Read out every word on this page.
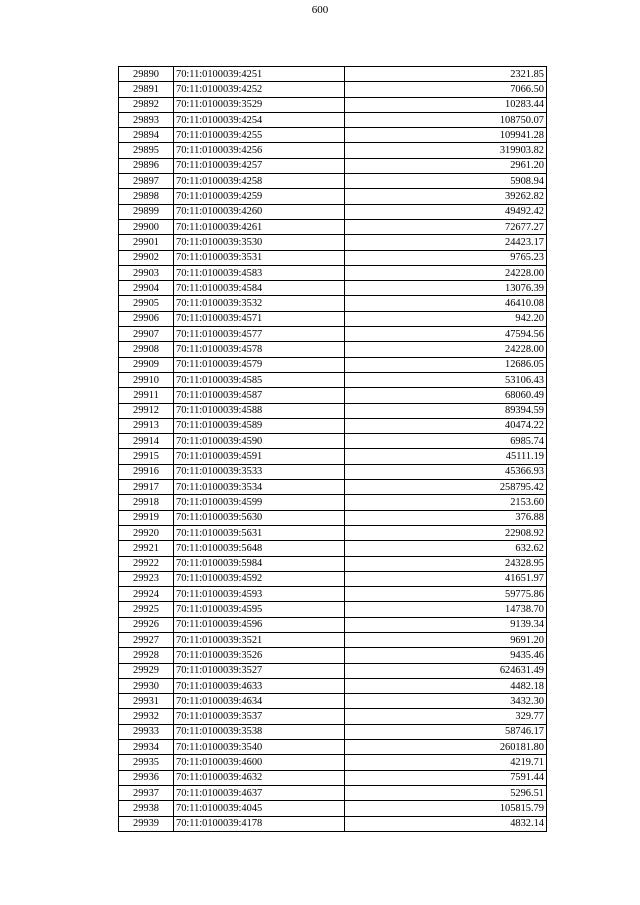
600
29890	70:11:0100039:4251	2321.85
29891	70:11:0100039:4252	7066.50
29892	70:11:0100039:3529	10283.44
29893	70:11:0100039:4254	108750.07
29894	70:11:0100039:4255	109941.28
29895	70:11:0100039:4256	319903.82
29896	70:11:0100039:4257	2961.20
29897	70:11:0100039:4258	5908.94
29898	70:11:0100039:4259	39262.82
29899	70:11:0100039:4260	49492.42
29900	70:11:0100039:4261	72677.27
29901	70:11:0100039:3530	24423.17
29902	70:11:0100039:3531	9765.23
29903	70:11:0100039:4583	24228.00
29904	70:11:0100039:4584	13076.39
29905	70:11:0100039:3532	46410.08
29906	70:11:0100039:4571	942.20
29907	70:11:0100039:4577	47594.56
29908	70:11:0100039:4578	24228.00
29909	70:11:0100039:4579	12686.05
29910	70:11:0100039:4585	53106.43
29911	70:11:0100039:4587	68060.49
29912	70:11:0100039:4588	89394.59
29913	70:11:0100039:4589	40474.22
29914	70:11:0100039:4590	6985.74
29915	70:11:0100039:4591	45111.19
29916	70:11:0100039:3533	45366.93
29917	70:11:0100039:3534	258795.42
29918	70:11:0100039:4599	2153.60
29919	70:11:0100039:5630	376.88
29920	70:11:0100039:5631	22908.92
29921	70:11:0100039:5648	632.62
29922	70:11:0100039:5984	24328.95
29923	70:11:0100039:4592	41651.97
29924	70:11:0100039:4593	59775.86
29925	70:11:0100039:4595	14738.70
29926	70:11:0100039:4596	9139.34
29927	70:11:0100039:3521	9691.20
29928	70:11:0100039:3526	9435.46
29929	70:11:0100039:3527	624631.49
29930	70:11:0100039:4633	4482.18
29931	70:11:0100039:4634	3432.30
29932	70:11:0100039:3537	329.77
29933	70:11:0100039:3538	58746.17
29934	70:11:0100039:3540	260181.80
29935	70:11:0100039:4600	4219.71
29936	70:11:0100039:4632	7591.44
29937	70:11:0100039:4637	5296.51
29938	70:11:0100039:4045	105815.79
29939	70:11:0100039:4178	4832.14
